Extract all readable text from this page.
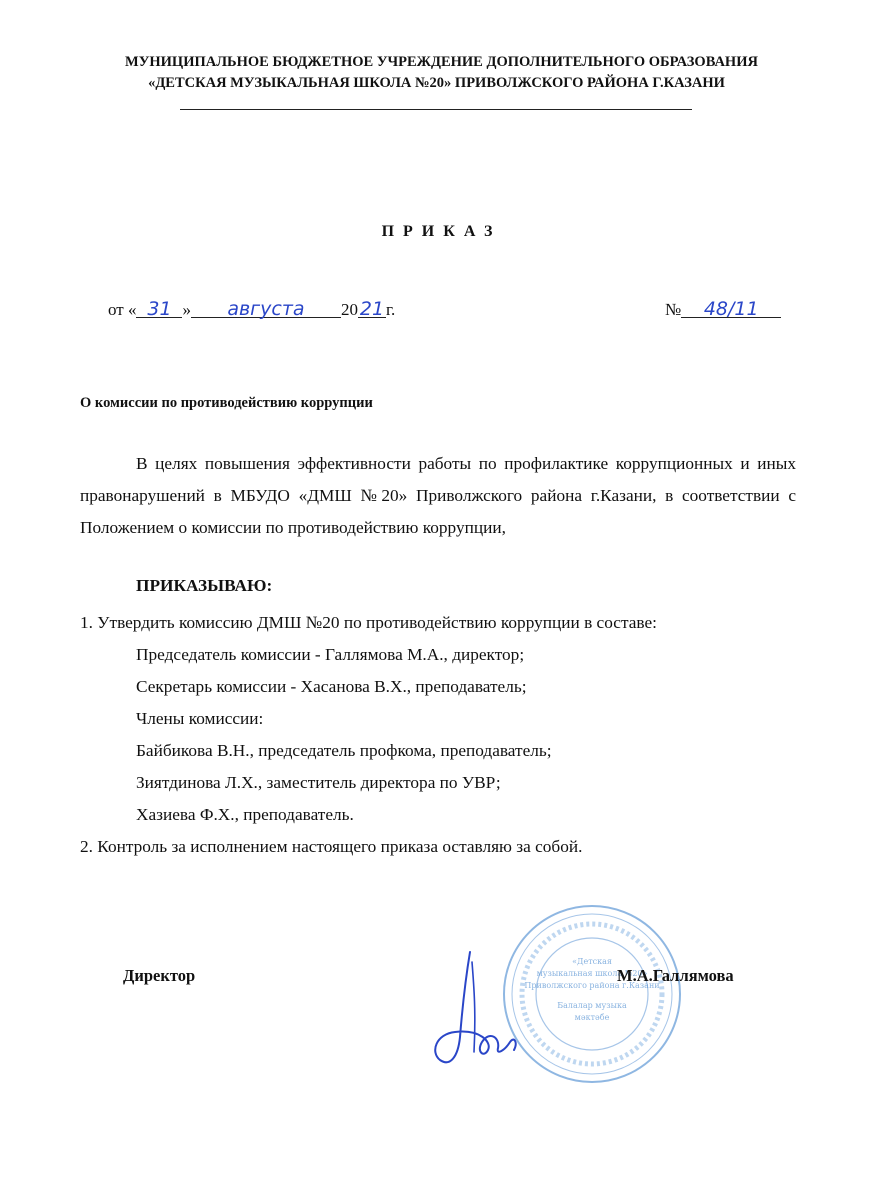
МУНИЦИПАЛЬНОЕ БЮДЖЕТНОЕ УЧРЕЖДЕНИЕ ДОПОЛНИТЕЛЬНОГО ОБРАЗОВАНИЯ
«ДЕТСКАЯ МУЗЫКАЛЬНАЯ ШКОЛА №20» ПРИВОЛЖСКОГО РАЙОНА Г.КАЗАНИ
ПРИКАЗ
от « 31 » августа 20 21 г.	№ 48/11
О комиссии по противодействию коррупции
В целях повышения эффективности работы по профилактике коррупционных и иных правонарушений в МБУДО «ДМШ №20» Приволжского района г.Казани, в соответствии с Положением о комиссии по противодействию коррупции,
ПРИКАЗЫВАЮ:
1. Утвердить комиссию ДМШ №20 по противодействию коррупции в составе:
Председатель комиссии - Галлямова М.А., директор;
Секретарь комиссии - Хасанова В.Х., преподаватель;
Члены комиссии:
Байбикова В.Н., председатель профкома, преподаватель;
Зиятдинова Л.Х., заместитель директора по УВР;
Хазиева Ф.Х., преподаватель.
2. Контроль за исполнением настоящего приказа оставляю за собой.
«Детская
музыкальная школа №20»
Приволжского района г.Казани
Балалар музыка
мәктәбе
Директор	М.А.Галлямова
